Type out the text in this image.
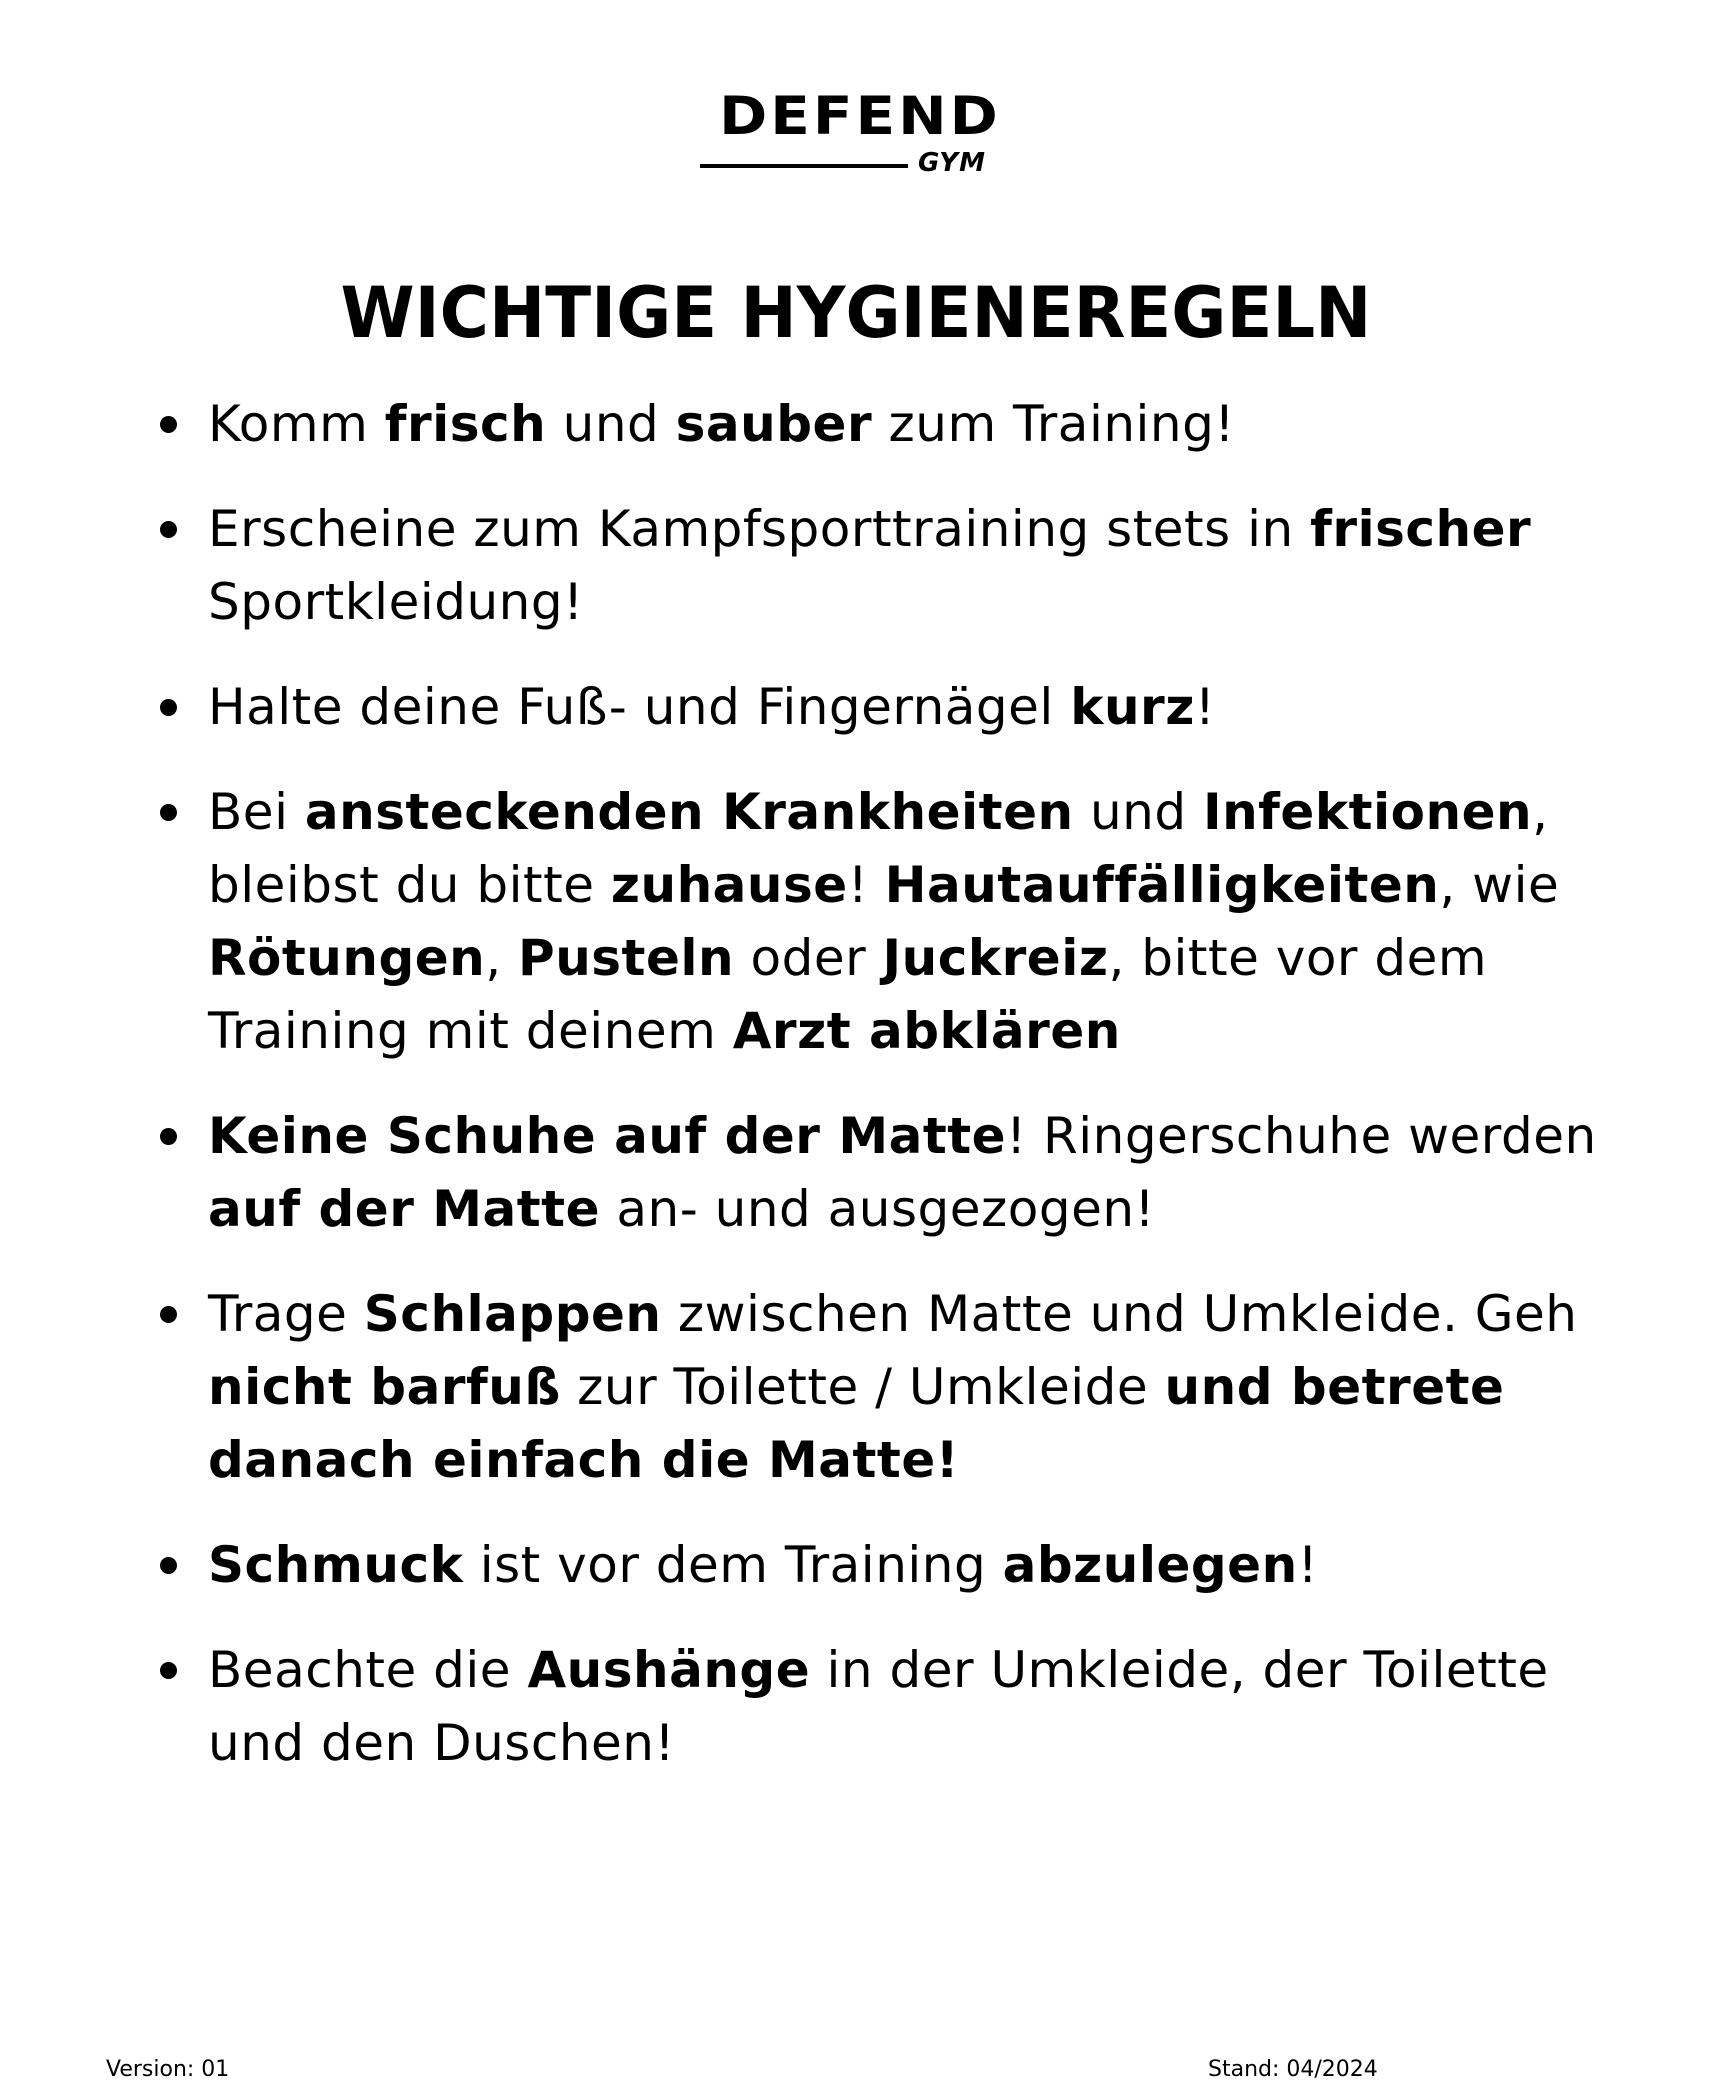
DEFEND
GYM
WICHTIGE HYGIENEREGELN
Komm frisch und sauber zum Training!
Erscheine zum Kampfsporttraining stets in frischer Sportkleidung!
Halte deine Fuß- und Fingernägel kurz!
Bei ansteckenden Krankheiten und Infektionen, bleibst du bitte zuhause! Hautauffälligkeiten, wie Rötungen, Pusteln oder Juckreiz, bitte vor dem Training mit deinem Arzt abklären
Keine Schuhe auf der Matte! Ringerschuhe werden auf der Matte an- und ausgezogen!
Trage Schlappen zwischen Matte und Umkleide. Geh nicht barfuß zur Toilette / Umkleide und betrete danach einfach die Matte!
Schmuck ist vor dem Training abzulegen!
Beachte die Aushänge in der Umkleide, der Toilette und den Duschen!
Version: 01	Stand: 04/2024
